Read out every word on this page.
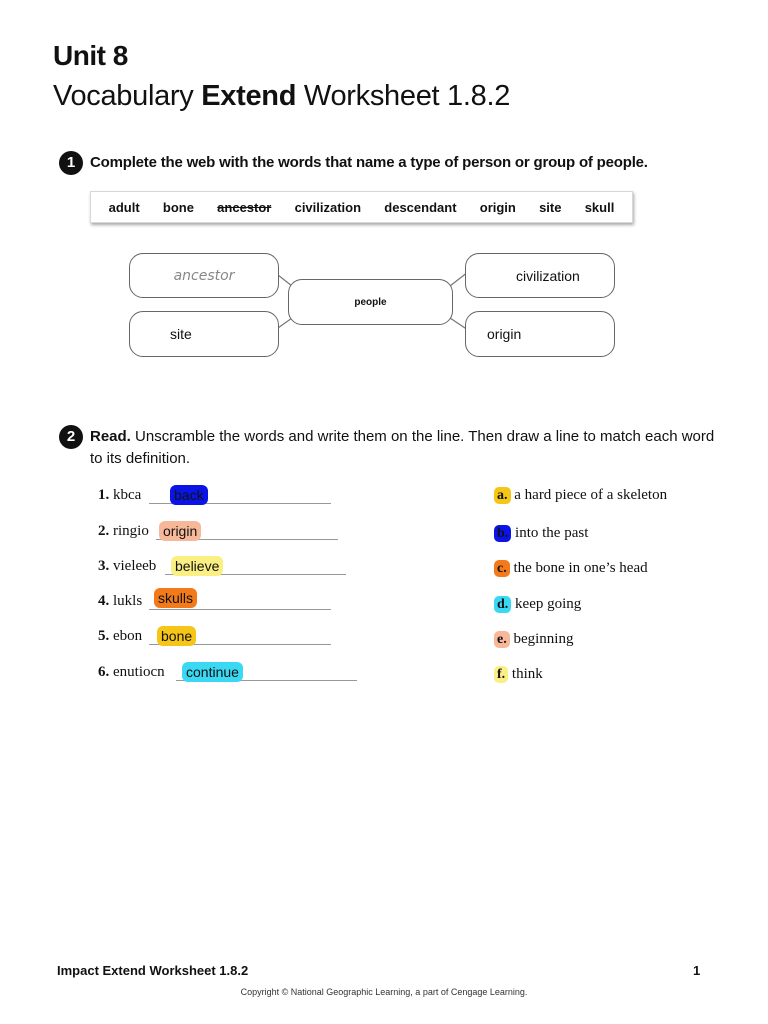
Unit 8
Vocabulary Extend Worksheet 1.8.2
1 Complete the web with the words that name a type of person or group of people.
adult bone ancestor civilization descendant origin site skull
ancestor
site
people
civilization
origin
2 Read. Unscramble the words and write them on the line. Then draw a line to match each word to its definition.
1. kbca back
2. ringio origin
3. vieleeb believe
4. lukls skulls
5. ebon bone
6. enutiocn continue
a. a hard piece of a skeleton
b. into the past
c. the bone in one’s head
d. keep going
e. beginning
f. think
Impact Extend Worksheet 1.8.2	1
Copyright © National Geographic Learning, a part of Cengage Learning.
